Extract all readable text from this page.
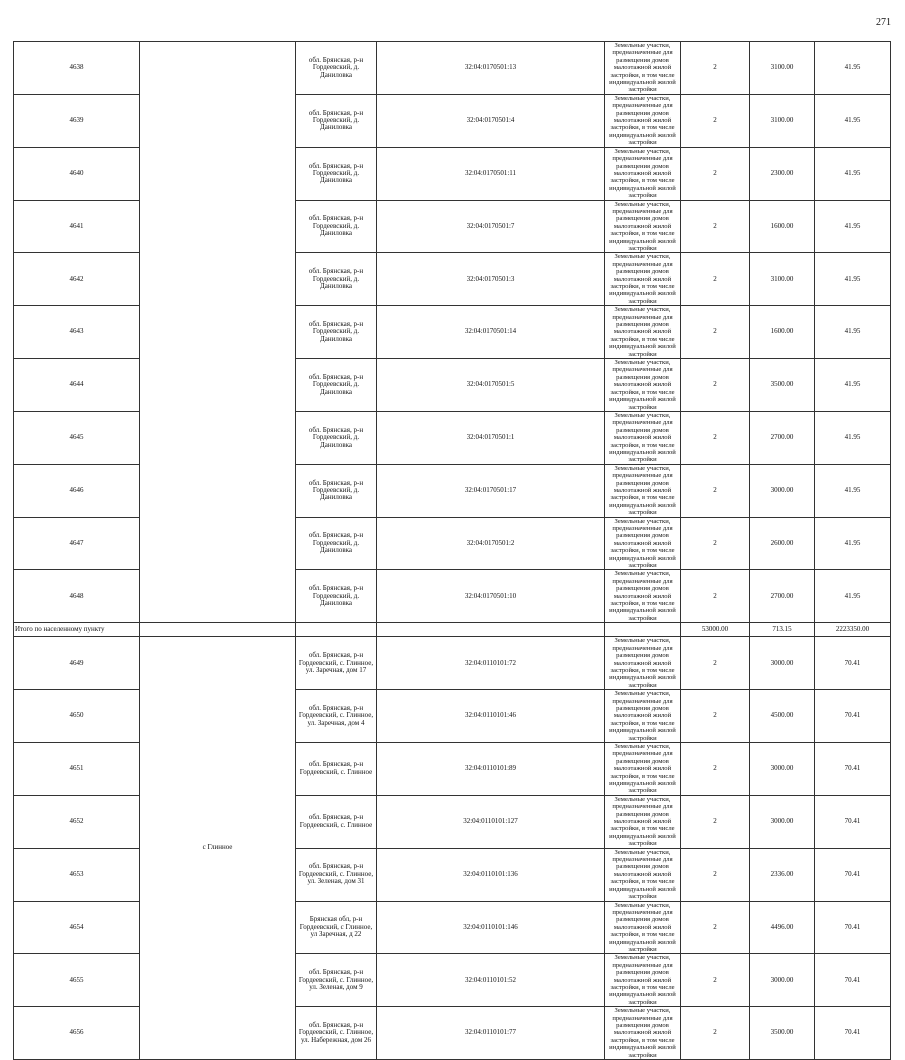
271
4638		обл. Брянская, р-н Гордеевский, д. Даниловка	32:04:0170501:13	Земельные участки, предназначенные для размещения домов малоэтажной жилой застройки, в том числе индивидуальной жилой застройки	2	3100.00	41.95	
4639		обл. Брянская, р-н Гордеевский, д. Даниловка	32:04:0170501:4	Земельные участки, предназначенные для размещения домов малоэтажной жилой застройки, в том числе индивидуальной жилой застройки	2	3100.00	41.95	
4640		обл. Брянская, р-н Гордеевский, д. Даниловка	32:04:0170501:11	Земельные участки, предназначенные для размещения домов малоэтажной жилой застройки, в том числе индивидуальной жилой застройки	2	2300.00	41.95	
4641		обл. Брянская, р-н Гордеевский, д. Даниловка	32:04:0170501:7	Земельные участки, предназначенные для размещения домов малоэтажной жилой застройки, в том числе индивидуальной жилой застройки	2	1600.00	41.95	
4642		обл. Брянская, р-н Гордеевский, д. Даниловка	32:04:0170501:3	Земельные участки, предназначенные для размещения домов малоэтажной жилой застройки, в том числе индивидуальной жилой застройки	2	3100.00	41.95	
4643		обл. Брянская, р-н Гордеевский, д. Даниловка	32:04:0170501:14	Земельные участки, предназначенные для размещения домов малоэтажной жилой застройки, в том числе индивидуальной жилой застройки	2	1600.00	41.95	
4644		обл. Брянская, р-н Гордеевский, д. Даниловка	32:04:0170501:5	Земельные участки, предназначенные для размещения домов малоэтажной жилой застройки, в том числе индивидуальной жилой застройки	2	3500.00	41.95	
4645		обл. Брянская, р-н Гордеевский, д. Даниловка	32:04:0170501:1	Земельные участки, предназначенные для размещения домов малоэтажной жилой застройки, в том числе индивидуальной жилой застройки	2	2700.00	41.95	
4646		обл. Брянская, р-н Гордеевский, д. Даниловка	32:04:0170501:17	Земельные участки, предназначенные для размещения домов малоэтажной жилой застройки, в том числе индивидуальной жилой застройки	2	3000.00	41.95	
4647		обл. Брянская, р-н Гордеевский, д. Даниловка	32:04:0170501:2	Земельные участки, предназначенные для размещения домов малоэтажной жилой застройки, в том числе индивидуальной жилой застройки	2	2600.00	41.95	
4648		обл. Брянская, р-н Гордеевский, д. Даниловка	32:04:0170501:10	Земельные участки, предназначенные для размещения домов малоэтажной жилой застройки, в том числе индивидуальной жилой застройки	2	2700.00	41.95	
Итого по населенному пункту					53000.00	713.15	2223350.00	
4649	с Глинное	обл. Брянская, р-н Гордеевский, с. Глинное, ул. Заречная, дом 17	32:04:0110101:72	Земельные участки, предназначенные для размещения домов малоэтажной жилой застройки, в том числе индивидуальной жилой застройки	2	3000.00	70.41	
4650		обл. Брянская, р-н Гордеевский, с. Глинное, ул. Заречная, дом 4	32:04:0110101:46	Земельные участки, предназначенные для размещения домов малоэтажной жилой застройки, в том числе индивидуальной жилой застройки	2	4500.00	70.41	
4651		обл. Брянская, р-н Гордеевский, с. Глинное	32:04:0110101:89	Земельные участки, предназначенные для размещения домов малоэтажной жилой застройки, в том числе индивидуальной жилой застройки	2	3000.00	70.41	
4652		обл. Брянская, р-н Гордеевский, с. Глинное	32:04:0110101:127	Земельные участки, предназначенные для размещения домов малоэтажной жилой застройки, в том числе индивидуальной жилой застройки	2	3000.00	70.41	
4653		обл. Брянская, р-н Гордеевский, с. Глинное, ул. Зеленая, дом 31	32:04:0110101:136	Земельные участки, предназначенные для размещения домов малоэтажной жилой застройки, в том числе индивидуальной жилой застройки	2	2336.00	70.41	
4654		Брянская обл, р-н Гордеевский, с Глинное, ул Заречная, д 22	32:04:0110101:146	Земельные участки, предназначенные для размещения домов малоэтажной жилой застройки, в том числе индивидуальной жилой застройки	2	4496.00	70.41	
4655		обл. Брянская, р-н Гордеевский, с. Глинное, ул. Зеленая, дом 9	32:04:0110101:52	Земельные участки, предназначенные для размещения домов малоэтажной жилой застройки, в том числе индивидуальной жилой застройки	2	3000.00	70.41	
4656		обл. Брянская, р-н Гордеевский, с. Глинное, ул. Набережная, дом 26	32:04:0110101:77	Земельные участки, предназначенные для размещения домов малоэтажной жилой застройки, в том числе индивидуальной жилой застройки	2	3500.00	70.41	
